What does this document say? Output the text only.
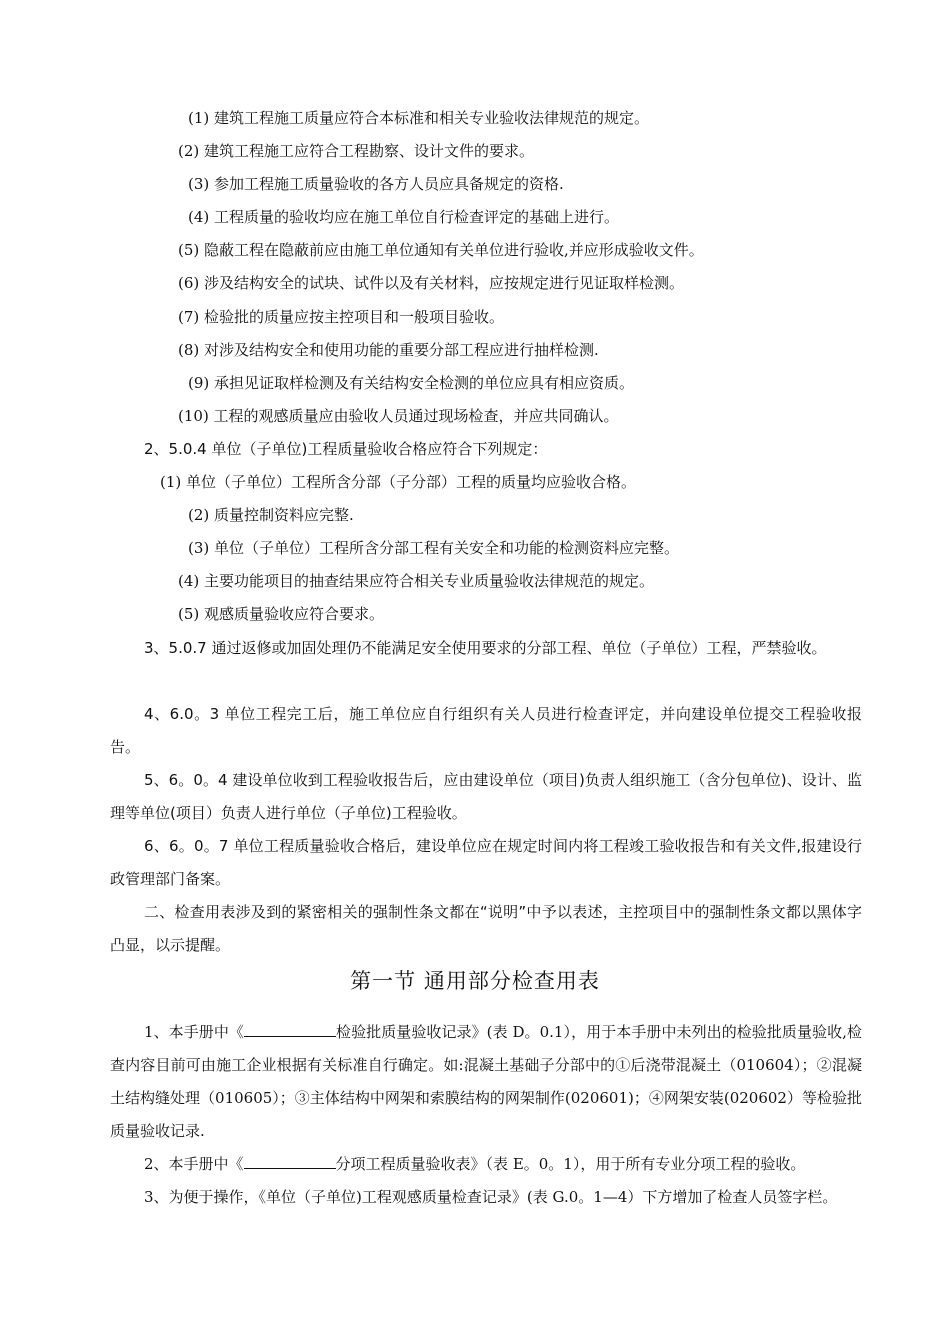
(1) 建筑工程施工质量应符合本标准和相关专业验收法律规范的规定。
(2) 建筑工程施工应符合工程勘察、设计文件的要求。
(3) 参加工程施工质量验收的各方人员应具备规定的资格.
(4) 工程质量的验收均应在施工单位自行检查评定的基础上进行。
(5) 隐蔽工程在隐蔽前应由施工单位通知有关单位进行验收,并应形成验收文件。
(6) 涉及结构安全的试块、试件以及有关材料，应按规定进行见证取样检测。
(7) 检验批的质量应按主控项目和一般项目验收。
(8) 对涉及结构安全和使用功能的重要分部工程应进行抽样检测.
(9) 承担见证取样检测及有关结构安全检测的单位应具有相应资质。
(10) 工程的观感质量应由验收人员通过现场检查，并应共同确认。
2、5.0.4 单位（子单位)工程质量验收合格应符合下列规定：
(1) 单位（子单位）工程所含分部（子分部）工程的质量均应验收合格。
(2) 质量控制资料应完整.
(3) 单位（子单位）工程所含分部工程有关安全和功能的检测资料应完整。
(4) 主要功能项目的抽查结果应符合相关专业质量验收法律规范的规定。
(5) 观感质量验收应符合要求。
3、5.0.7 通过返修或加固处理仍不能满足安全使用要求的分部工程、单位（子单位）工程，严禁验收。
4、6.0。3 单位工程完工后，施工单位应自行组织有关人员进行检查评定，并向建设单位提交工程验收报告。
5、6。0。4 建设单位收到工程验收报告后，应由建设单位（项目)负责人组织施工（含分包单位)、设计、监理等单位(项目）负责人进行单位（子单位)工程验收。
6、6。0。7 单位工程质量验收合格后，建设单位应在规定时间内将工程竣工验收报告和有关文件,报建设行政管理部门备案。
二、检查用表涉及到的紧密相关的强制性条文都在“说明”中予以表述，主控项目中的强制性条文都以黑体字凸显，以示提醒。
第一节 通用部分检查用表
1、本手册中《	检验批质量验收记录》(表 D。0.1），用于本手册中未列出的检验批质量验收,检查内容目前可由施工企业根据有关标准自行确定。如:混凝土基础子分部中的①后浇带混凝土（010604）；②混凝土结构缝处理（010605）；③主体结构中网架和索膜结构的网架制作(020601)；④网架安装(020602）等检验批质量验收记录.
2、本手册中《	分项工程质量验收表》（表 E。0。1），用于所有专业分项工程的验收。
3、为便于操作，《单位（子单位)工程观感质量检查记录》(表 G.0。1—4）下方增加了检查人员签字栏。
